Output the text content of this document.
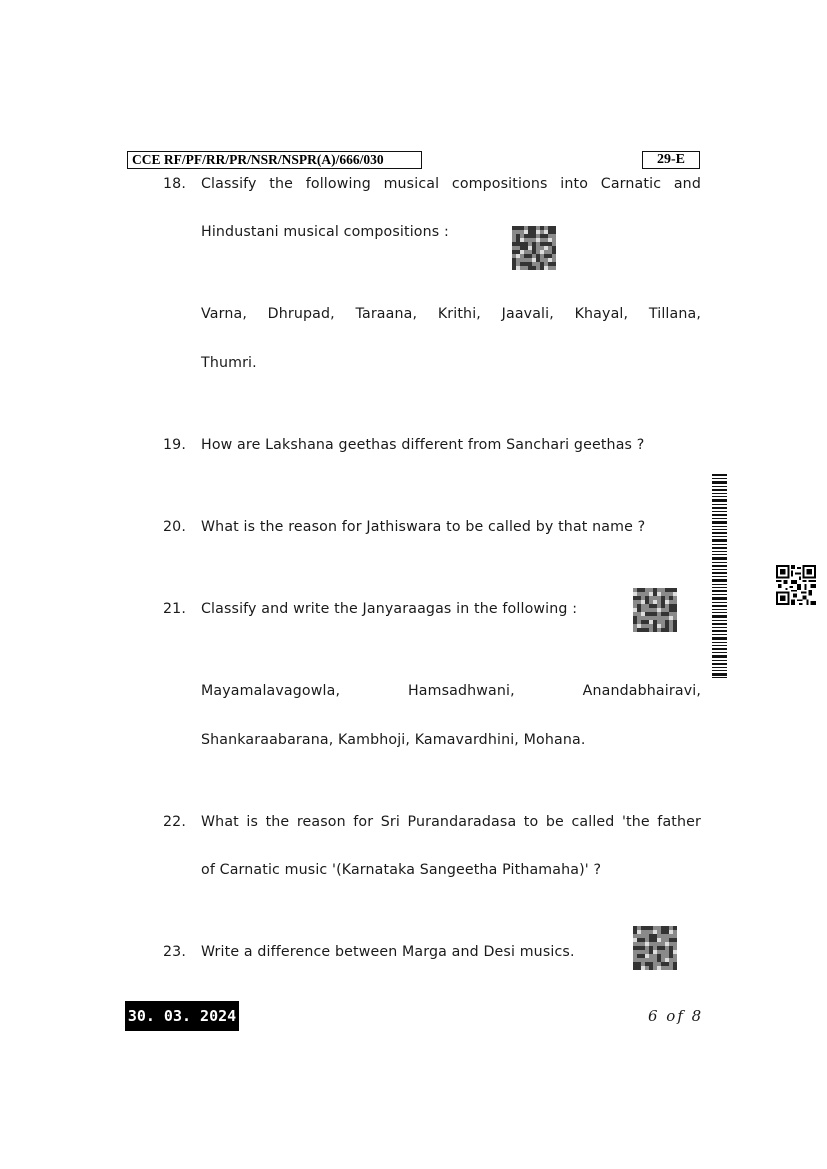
CCE RF/PF/RR/PR/NSR/NSPR(A)/666/030	29-E
18. Classify the following musical compositions into Carnatic and
Hindustani musical compositions :
Varna, Dhrupad, Taraana, Krithi, Jaavali, Khayal, Tillana,
Thumri.
19. How are Lakshana geethas different from Sanchari geethas ?
20. What is the reason for Jathiswara to be called by that name ?
21. Classify and write the Janyaraagas in the following :
Mayamalavagowla, Hamsadhwani, Anandabhairavi,
Shankaraabarana, Kambhoji, Kamavardhini, Mohana.
22. What is the reason for Sri Purandaradasa to be called 'the father
of Carnatic music '(Karnataka Sangeetha Pithamaha)' ?
23. Write a difference between Marga and Desi musics.
30. 03. 2024	6 of 8
